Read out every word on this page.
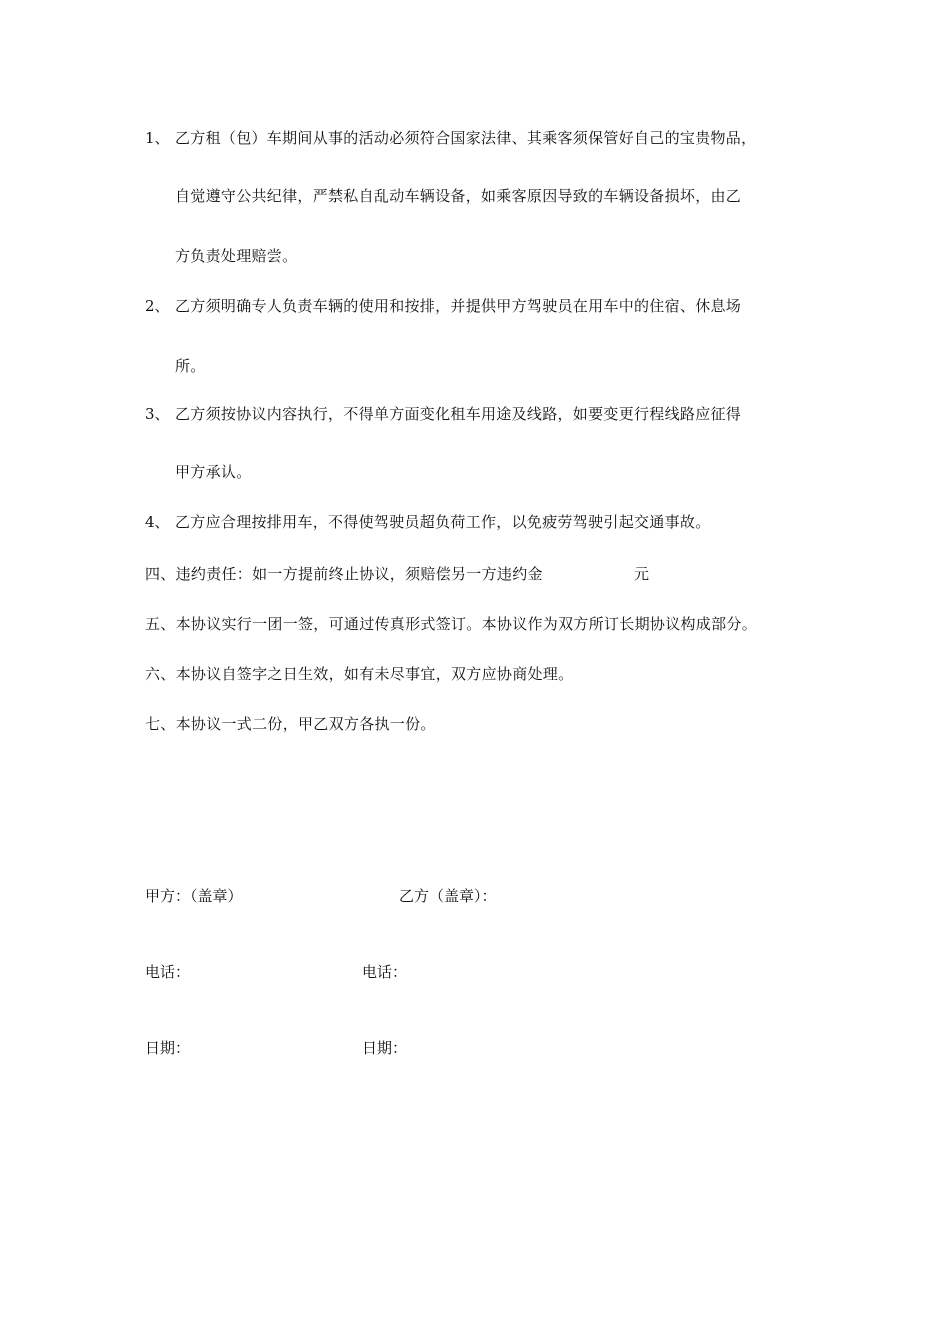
1、 乙方租（包）车期间从事的活动必须符合国家法律、其乘客须保管好自己的宝贵物品，
自觉遵守公共纪律，严禁私自乱动车辆设备，如乘客原因导致的车辆设备损坏，由乙
方负责处理赔尝。
2、 乙方须明确专人负责车辆的使用和按排，并提供甲方驾驶员在用车中的住宿、休息场
所。
3、 乙方须按协议内容执行，不得单方面变化租车用途及线路，如要变更行程线路应征得
甲方承认。
4、 乙方应合理按排用车，不得使驾驶员超负荷工作，以免疲劳驾驶引起交通事故。
四、违约责任：如一方提前终止协议，须赔偿另一方违约金	元
五、本协议实行一团一签，可通过传真形式签订。本协议作为双方所订长期协议构成部分。
六、本协议自签字之日生效，如有未尽事宜，双方应协商处理。
七、本协议一式二份，甲乙双方各执一份。
甲方：（盖章）	乙方（盖章）：
电话：	电话：
日期：	日期：
